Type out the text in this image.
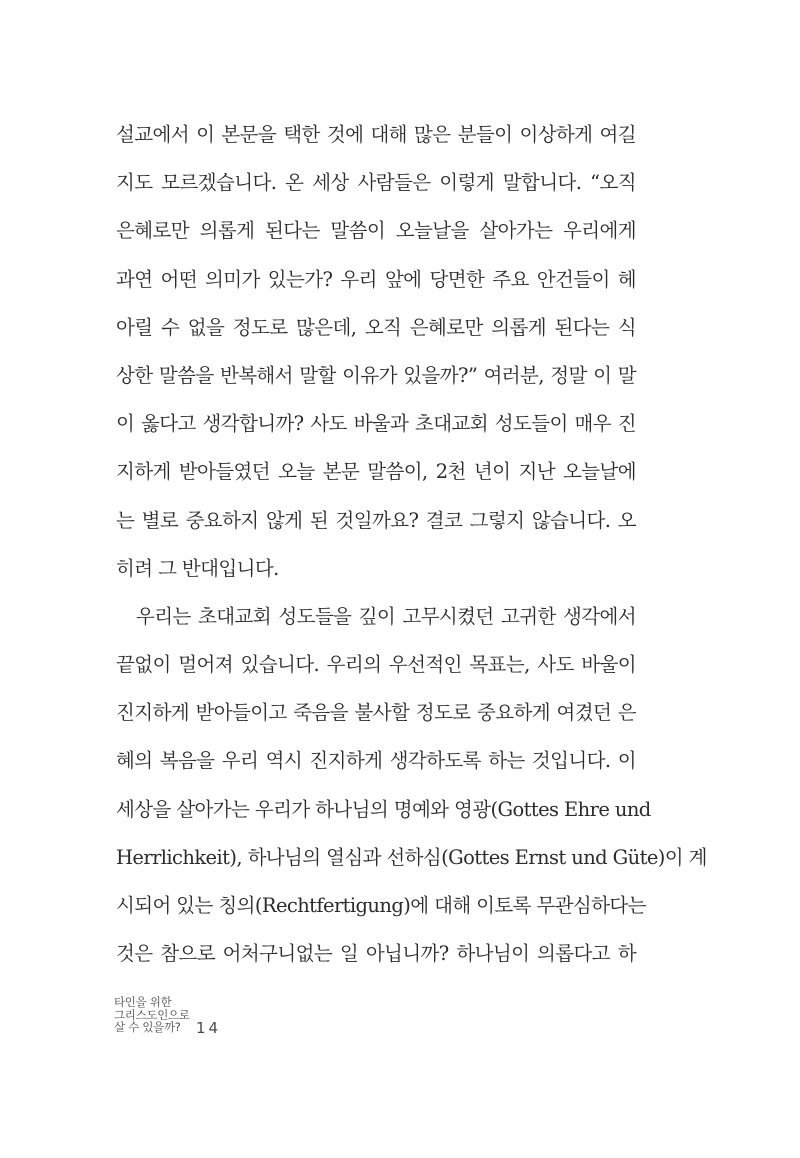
설교에서 이 본문을 택한 것에 대해 많은 분들이 이상하게 여길
지도 모르겠습니다. 온 세상 사람들은 이렇게 말합니다. “오직
은혜로만 의롭게 된다는 말씀이 오늘날을 살아가는 우리에게
과연 어떤 의미가 있는가? 우리 앞에 당면한 주요 안건들이 헤
아릴 수 없을 정도로 많은데, 오직 은혜로만 의롭게 된다는 식
상한 말씀을 반복해서 말할 이유가 있을까?” 여러분, 정말 이 말
이 옳다고 생각합니까? 사도 바울과 초대교회 성도들이 매우 진
지하게 받아들였던 오늘 본문 말씀이, 2천 년이 지난 오늘날에
는 별로 중요하지 않게 된 것일까요? 결코 그렇지 않습니다. 오
히려 그 반대입니다.
우리는 초대교회 성도들을 깊이 고무시켰던 고귀한 생각에서
끝없이 멀어져 있습니다. 우리의 우선적인 목표는, 사도 바울이
진지하게 받아들이고 죽음을 불사할 정도로 중요하게 여겼던 은
혜의 복음을 우리 역시 진지하게 생각하도록 하는 것입니다. 이
세상을 살아가는 우리가 하나님의 명예와 영광(Gottes Ehre und
Herrlichkeit), 하나님의 열심과 선하심(Gottes Ernst und Güte)이 계
시되어 있는 칭의(Rechtfertigung)에 대해 이토록 무관심하다는
것은 참으로 어처구니없는 일 아닙니까? 하나님이 의롭다고 하
타인을 위한
그리스도인으로
살 수 있을까?	14
